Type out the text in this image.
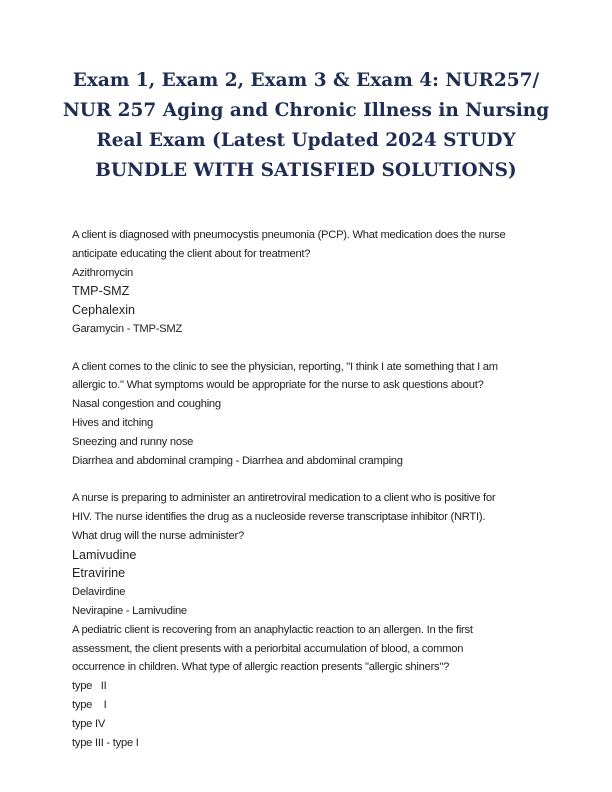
Exam 1, Exam 2, Exam 3 & Exam 4: NUR257/
NUR 257 Aging and Chronic Illness in Nursing
Real Exam (Latest Updated 2024 STUDY
BUNDLE WITH SATISFIED SOLUTIONS)
A client is diagnosed with pneumocystis pneumonia (PCP). What medication does the nurse
anticipate educating the client about for treatment?
Azithromycin
TMP-SMZ
Cephalexin
Garamycin - TMP-SMZ
A client comes to the clinic to see the physician, reporting, "I think I ate something that I am
allergic to." What symptoms would be appropriate for the nurse to ask questions about?
Nasal congestion and coughing
Hives and itching
Sneezing and runny nose
Diarrhea and abdominal cramping - Diarrhea and abdominal cramping
A nurse is preparing to administer an antiretroviral medication to a client who is positive for
HIV. The nurse identifies the drug as a nucleoside reverse transcriptase inhibitor (NRTI).
What drug will the nurse administer?
Lamivudine
Etravirine
Delavirdine
Nevirapine - Lamivudine
A pediatric client is recovering from an anaphylactic reaction to an allergen. In the first
assessment, the client presents with a periorbital accumulation of blood, a common
occurrence in children. What type of allergic reaction presents "allergic shiners"?
type   II
type    I
type IV
type III - type I
